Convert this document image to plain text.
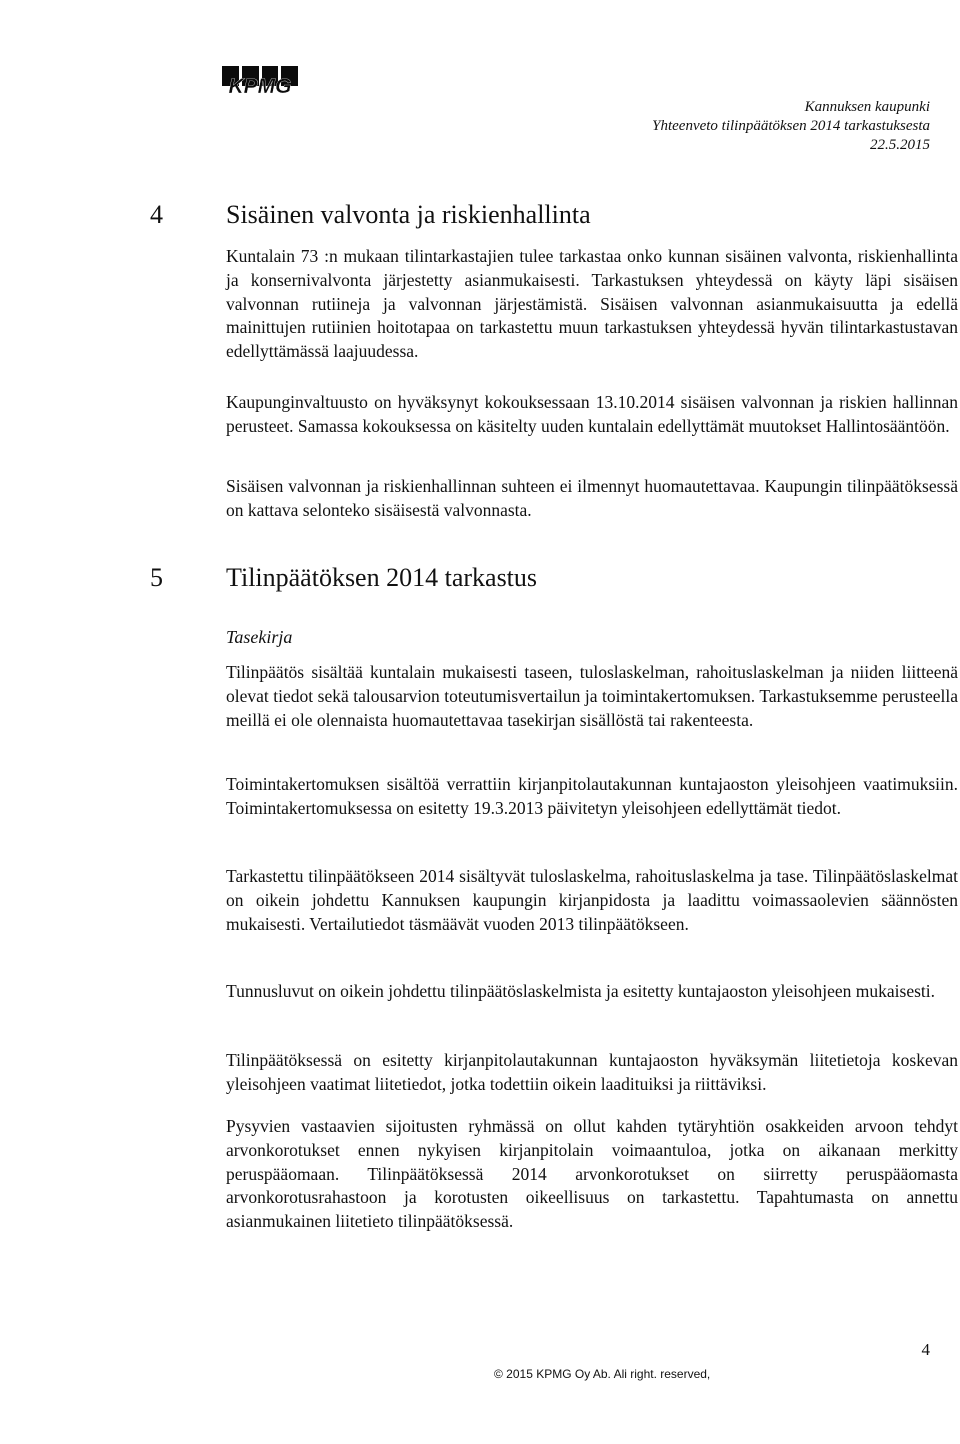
KPMG
Kannuksen kaupunki
Yhteenveto tilinpäätöksen 2014 tarkastuksesta
22.5.2015
4 Sisäinen valvonta ja riskienhallinta

Kuntalain 73 :n mukaan tilintarkastajien tulee tarkastaa onko kunnan sisäinen valvonta, riskienhallinta ja konsernivalvonta järjestetty asianmukaisesti. Tarkastuksen yhteydessä on käyty läpi sisäisen valvonnan rutiineja ja valvonnan järjestämistä. Sisäisen valvonnan asianmukaisuutta ja edellä mainittujen rutiinien hoitotapaa on tarkastettu muun tarkastuksen yhteydessä hyvän tilintarkastustavan edellyttämässä laajuudessa.

Kaupunginvaltuusto on hyväksynyt kokouksessaan 13.10.2014 sisäisen valvonnan ja riskien hallinnan perusteet. Samassa kokouksessa on käsitelty uuden kuntalain edellyttämät muutokset Hallintosääntöön.

Sisäisen valvonnan ja riskienhallinnan suhteen ei ilmennyt huomautettavaa. Kaupungin tilinpäätöksessä on kattava selonteko sisäisestä valvonnasta.

5 Tilinpäätöksen 2014 tarkastus
Tasekirja

Tilinpäätös sisältää kuntalain mukaisesti taseen, tuloslaskelman, rahoituslaskelman ja niiden liitteenä olevat tiedot sekä talousarvion toteutumisvertailun ja toimintakertomuksen. Tarkastuksemme perusteella meillä ei ole olennaista huomautettavaa tasekirjan sisällöstä tai rakenteesta.

Toimintakertomuksen sisältöä verrattiin kirjanpitolautakunnan kuntajaoston yleisohjeen vaatimuksiin. Toimintakertomuksessa on esitetty 19.3.2013 päivitetyn yleisohjeen edellyttämät tiedot.

Tarkastettu tilinpäätökseen 2014 sisältyvät tuloslaskelma, rahoituslaskelma ja tase. Tilinpäätöslaskelmat on oikein johdettu Kannuksen kaupungin kirjanpidosta ja laadittu voimassaolevien säännösten mukaisesti. Vertailutiedot täsmäävät vuoden 2013 tilinpäätökseen.

Tunnusluvut on oikein johdettu tilinpäätöslaskelmista ja esitetty kuntajaoston yleisohjeen mukaisesti.

Tilinpäätöksessä on esitetty kirjanpitolautakunnan kuntajaoston hyväksymän liitetietoja koskevan yleisohjeen vaatimat liitetiedot, jotka todettiin oikein laadituiksi ja riittäviksi.

Pysyvien vastaavien sijoitusten ryhmässä on ollut kahden tytäryhtiön osakkeiden arvoon tehdyt arvonkorotukset ennen nykyisen kirjanpitolain voimaantuloa, jotka on aikanaan merkitty peruspääomaan. Tilinpäätöksessä 2014 arvonkorotukset on siirretty peruspääomasta arvonkorotusrahastoon ja korotusten oikeellisuus on tarkastettu. Tapahtumasta on annettu asianmukainen liitetieto tilinpäätöksessä.

4
© 2015 KPMG Oy Ab. Ali right. reserved,
